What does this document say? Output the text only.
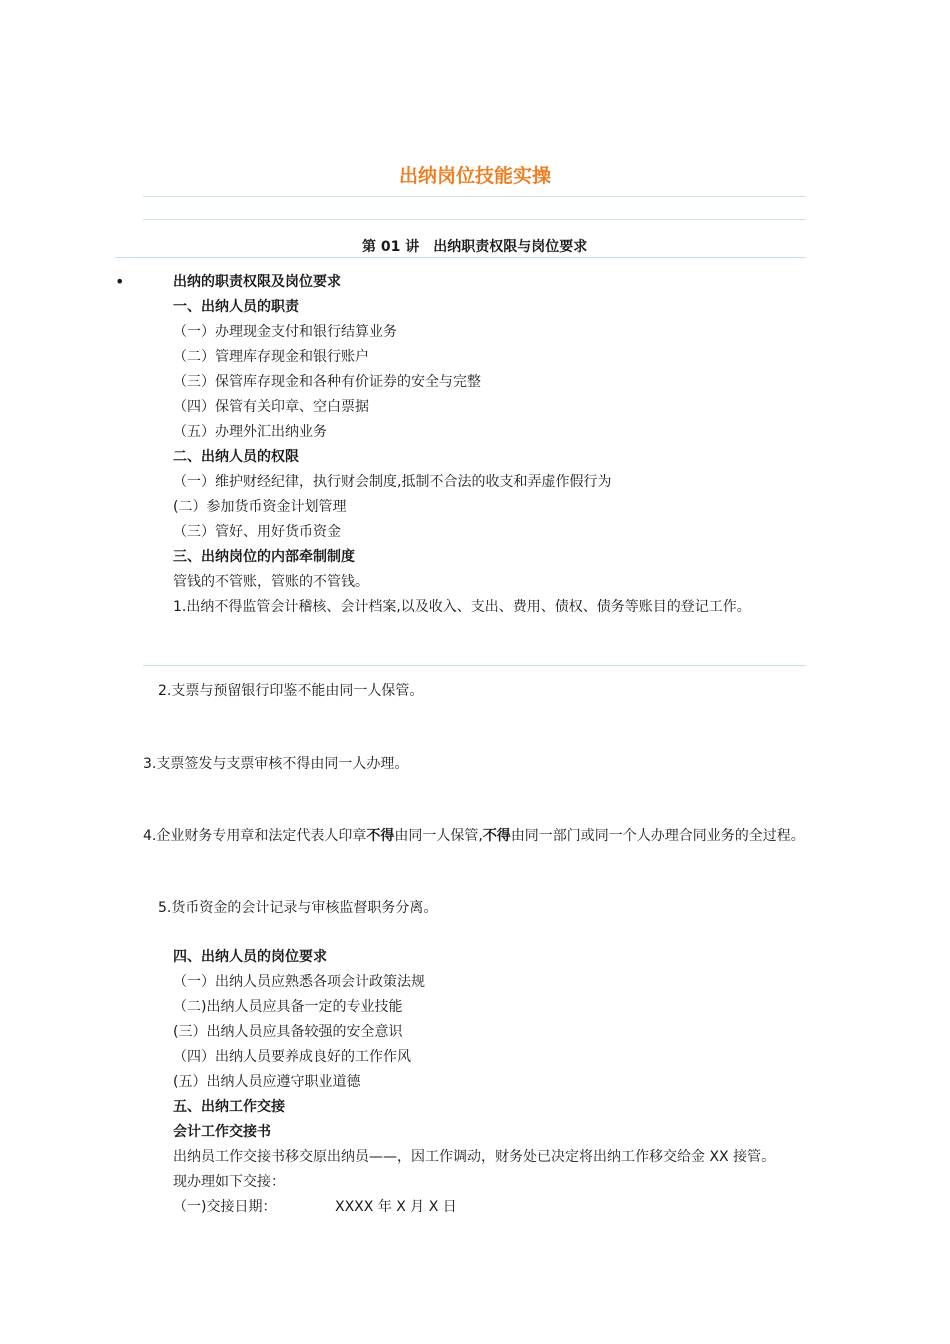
出纳岗位技能实操
第 01 讲 出纳职责权限与岗位要求
•	出纳的职责权限及岗位要求
一、出纳人员的职责
（一）办理现金支付和银行结算业务
（二）管理库存现金和银行账户
（三）保管库存现金和各种有价证券的安全与完整
（四）保管有关印章、空白票据
（五）办理外汇出纳业务
二、出纳人员的权限
（一）维护财经纪律，执行财会制度,抵制不合法的收支和弄虚作假行为
(二）参加货币资金计划管理
（三）管好、用好货币资金
三、出纳岗位的内部牵制制度
管钱的不管账，管账的不管钱。
1.出纳不得监管会计稽核、会计档案,以及收入、支出、费用、债权、债务等账目的登记工作。
2.支票与预留银行印鉴不能由同一人保管。
3.支票签发与支票审核不得由同一人办理。
4.企业财务专用章和法定代表人印章不得由同一人保管,不得由同一部门或同一个人办理合同业务的全过程。
5.货币资金的会计记录与审核监督职务分离。
四、出纳人员的岗位要求
（一）出纳人员应熟悉各项会计政策法规
（二)出纳人员应具备一定的专业技能
(三）出纳人员应具备较强的安全意识
（四）出纳人员要养成良好的工作作风
(五）出纳人员应遵守职业道德
五、出纳工作交接
会计工作交接书
出纳员工作交接书移交原出纳员——，因工作调动，财务处已决定将出纳工作移交给金 XX 接管。
现办理如下交接：
（一)交接日期：	XXXX 年 X 月 X 日
